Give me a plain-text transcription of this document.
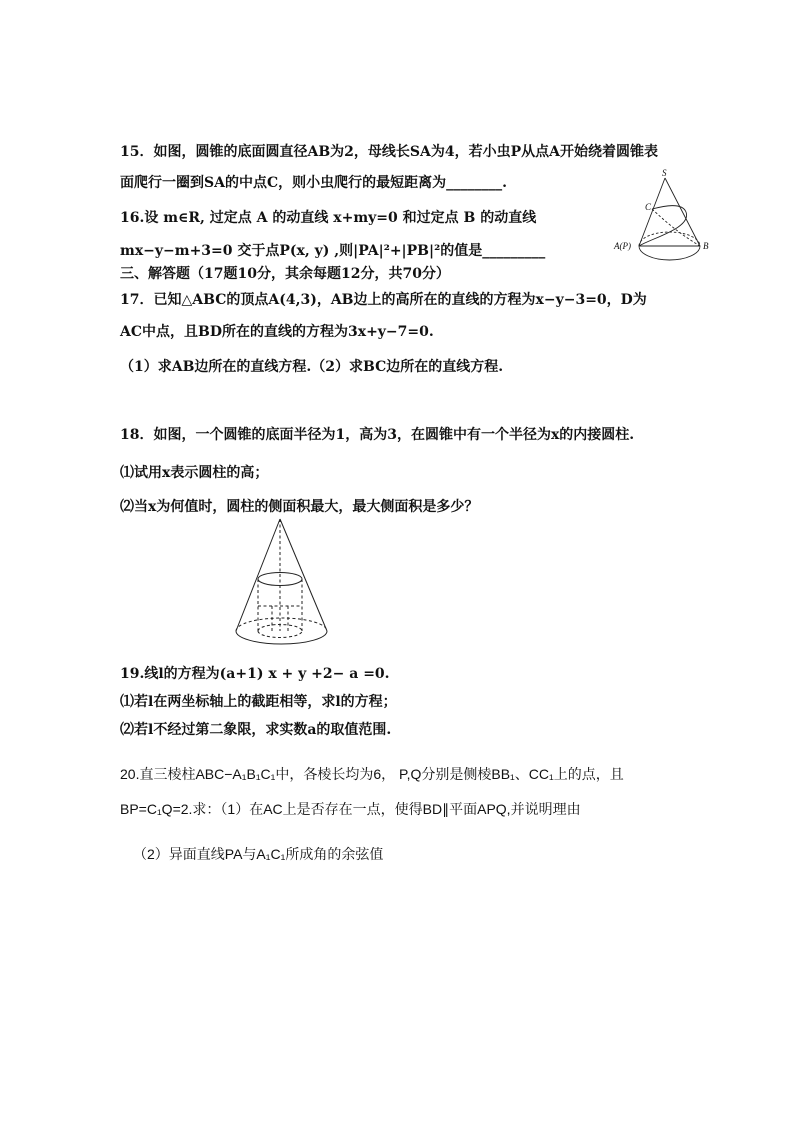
15．如图，圆锥的底面圆直径AB为2，母线长SA为4，若小虫P从点A开始绕着圆锥表
面爬行一圈到SA的中点C，则小虫爬行的最短距离为________.
16.设 m∈R, 过定点 A 的动直线 x+my=0 和过定点 B 的动直线
mx−y−m+3=0 交于点P(x, y) ,则|PA|²+|PB|²的值是_________
三、解答题（17题10分，其余每题12分，共70分）
17．已知△ABC的顶点A(4,3)，AB边上的高所在的直线的方程为x−y−3=0，D为
AC中点，且BD所在的直线的方程为3x+y−7=0.
（1）求AB边所在的直线方程.（2）求BC边所在的直线方程.
18．如图，一个圆锥的底面半径为1，高为3，在圆锥中有一个半径为x的内接圆柱.
⑴试用x表示圆柱的高；
⑵当x为何值时，圆柱的侧面积最大，最大侧面积是多少？
19.线l的方程为(a+1) x + y +2− a =0.
⑴若l在两坐标轴上的截距相等，求l的方程；
⑵若l不经过第二象限，求实数a的取值范围.
20.直三棱柱ABC−A₁B₁C₁中，各棱长均为6， P,Q分别是侧棱BB₁、CC₁上的点，且
BP=C₁Q=2.求：（1）在AC上是否存在一点，使得BD∥平面APQ,并说明理由
（2）异面直线PA与A₁C₁所成角的余弦值
S
C
A(P)	B
